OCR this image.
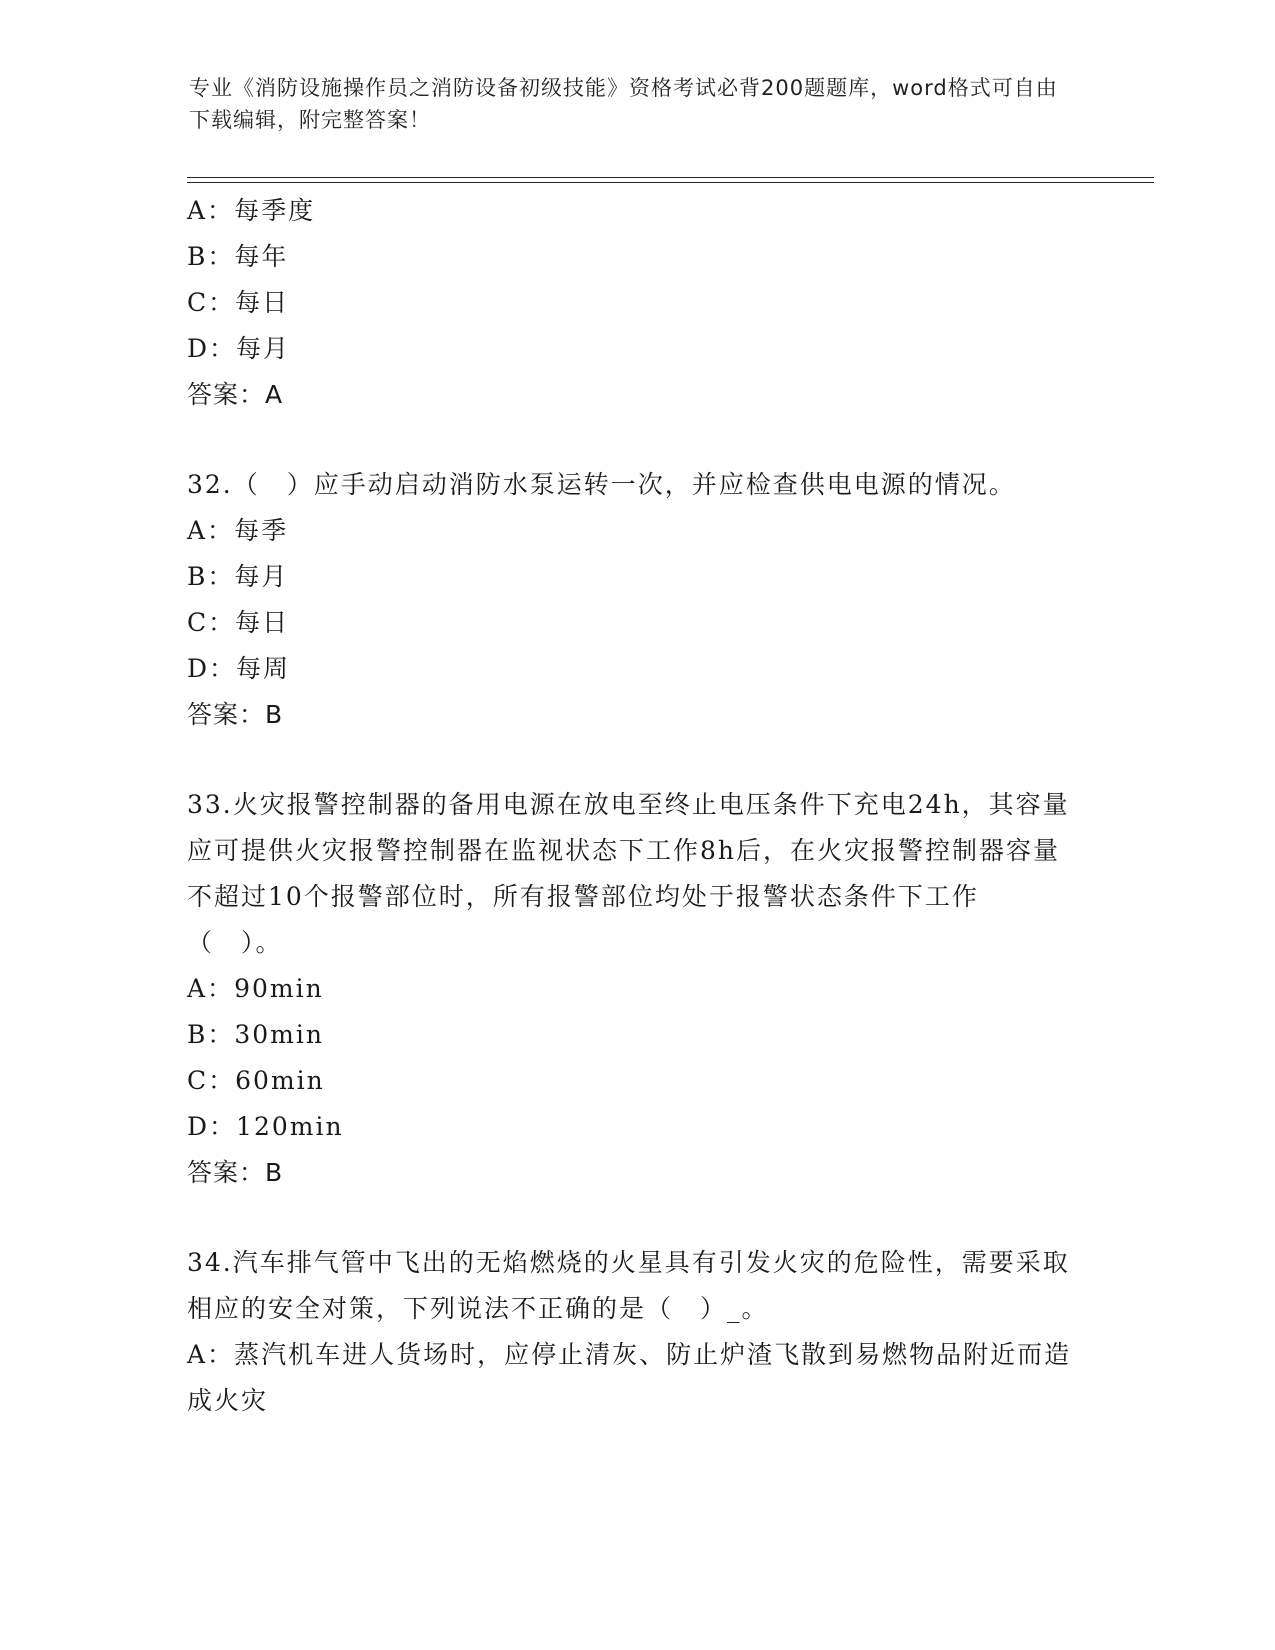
专业《消防设施操作员之消防设备初级技能》资格考试必背200题题库，word格式可自由下载编辑，附完整答案！
A：每季度
B：每年
C：每日
D：每月
答案：A
32.（　）应手动启动消防水泵运转一次，并应检查供电电源的情况。
A：每季
B：每月
C：每日
D：每周
答案：B
33.火灾报警控制器的备用电源在放电至终止电压条件下充电24h，其容量应可提供火灾报警控制器在监视状态下工作8h后，在火灾报警控制器容量不超过10个报警部位时，所有报警部位均处于报警状态条件下工作（　）。
A：90min
B：30min
C：60min
D：120min
答案：B
34.汽车排气管中飞出的无焰燃烧的火星具有引发火灾的危险性，需要采取相应的安全对策，下列说法不正确的是（　）_。
A：蒸汽机车进人货场时，应停止清灰、防止炉渣飞散到易燃物品附近而造成火灾
